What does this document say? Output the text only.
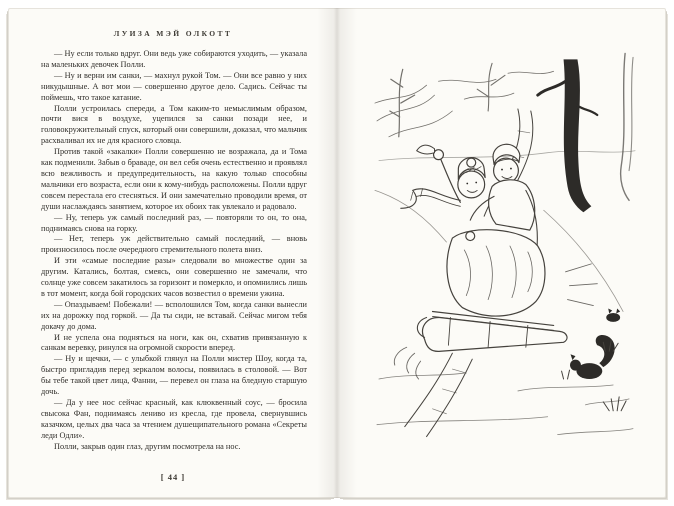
ЛУИЗА МЭЙ ОЛКОТТ

— Ну если только вдруг. Они ведь уже собираются уходить, — указала на маленьких девочек Полли.

— Ну и верни им санки, — махнул рукой Том. — Они все равно у них никудышные. А вот мои — совершенно другое дело. Садись. Сейчас ты поймешь, что такое катание.

Полли устроилась спереди, а Том каким-то немыслимым образом, почти вися в воздухе, уцепился за санки позади нее, и головокружительный спуск, который они совершили, доказал, что мальчик расхваливал их не для красного словца.

Против такой «закалки» Полли совершенно не возражала, да и Тома как подменили. Забыв о браваде, он вел себя очень естественно и проявлял всю вежливость и предупредительность, на какую только способны мальчики его возраста, если они к кому-нибудь расположены. Полли вдруг совсем перестала его стесняться. И они замечательно проводили время, от души наслаждаясь занятием, которое их обоих так увлекало и радовало.

— Ну, теперь уж самый последний раз, — повторяли то он, то она, поднимаясь снова на горку.

— Нет, теперь уж действительно самый последний, — вновь произносилось после очередного стремительного полета вниз.

И эти «самые последние разы» следовали во множестве один за другим. Катались, болтая, смеясь, они совершенно не замечали, что солнце уже совсем закатилось за горизонт и померкло, и опомнились лишь в тот момент, когда бой городских часов возвестил о времени ужина.

— Опаздываем! Побежали! — всполошился Том, когда санки вынесли их на дорожку под горкой. — Да ты сиди, не вставай. Сейчас мигом тебя докачу до дома.

И не успела она подняться на ноги, как он, схватив привязанную к санкам веревку, ринулся на огромной скорости вперед.

— Ну и щечки, — с улыбкой глянул на Полли мистер Шоу, когда та, быстро пригладив перед зеркалом волосы, появилась в столовой. — Вот бы тебе такой цвет лица, Фанни, — перевел он глаза на бледную старшую дочь.

— Да у нее нос сейчас красный, как клюквенный соус, — бросила свысока Фан, поднимаясь лениво из кресла, где провела, свернувшись казачком, целых два часа за чтением душещипательного романа «Секреты леди Одли».

Полли, закрыв один глаз, другим посмотрела на нос.

[ 44 ]
